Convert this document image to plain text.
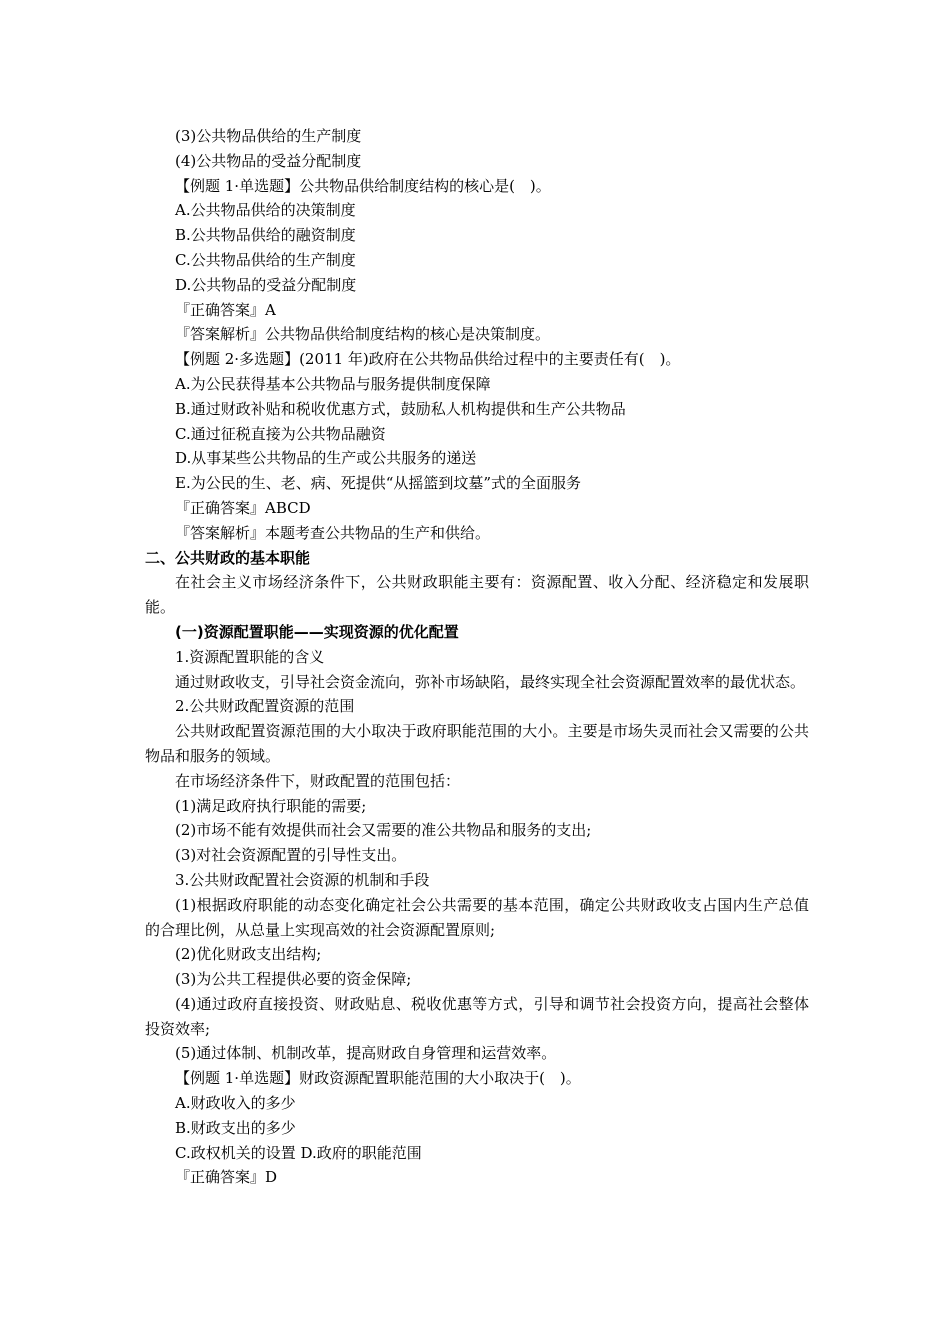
(3)公共物品供给的生产制度
(4)公共物品的受益分配制度
【例题 1·单选题】公共物品供给制度结构的核心是(　)。
A.公共物品供给的决策制度
B.公共物品供给的融资制度
C.公共物品供给的生产制度
D.公共物品的受益分配制度
『正确答案』A
『答案解析』公共物品供给制度结构的核心是决策制度。
【例题 2·多选题】(2011 年)政府在公共物品供给过程中的主要责任有(　)。
A.为公民获得基本公共物品与服务提供制度保障
B.通过财政补贴和税收优惠方式，鼓励私人机构提供和生产公共物品
C.通过征税直接为公共物品融资
D.从事某些公共物品的生产或公共服务的递送
E.为公民的生、老、病、死提供“从摇篮到坟墓”式的全面服务
『正确答案』ABCD
『答案解析』本题考查公共物品的生产和供给。
二、公共财政的基本职能

在社会主义市场经济条件下，公共财政职能主要有：资源配置、收入分配、经济稳定和发展职能。

(一)资源配置职能——实现资源的优化配置
1.资源配置职能的含义

通过财政收支，引导社会资金流向，弥补市场缺陷，最终实现全社会资源配置效率的最优状态。

2.公共财政配置资源的范围

公共财政配置资源范围的大小取决于政府职能范围的大小。主要是市场失灵而社会又需要的公共物品和服务的领域。

在市场经济条件下，财政配置的范围包括：
(1)满足政府执行职能的需要;
(2)市场不能有效提供而社会又需要的准公共物品和服务的支出;
(3)对社会资源配置的引导性支出。
3.公共财政配置社会资源的机制和手段

(1)根据政府职能的动态变化确定社会公共需要的基本范围，确定公共财政收支占国内生产总值的合理比例，从总量上实现高效的社会资源配置原则;

(2)优化财政支出结构;
(3)为公共工程提供必要的资金保障;

(4)通过政府直接投资、财政贴息、税收优惠等方式，引导和调节社会投资方向，提高社会整体投资效率;

(5)通过体制、机制改革，提高财政自身管理和运营效率。
【例题 1·单选题】财政资源配置职能范围的大小取决于(　)。
A.财政收入的多少
B.财政支出的多少
C.政权机关的设置 D.政府的职能范围
『正确答案』D
